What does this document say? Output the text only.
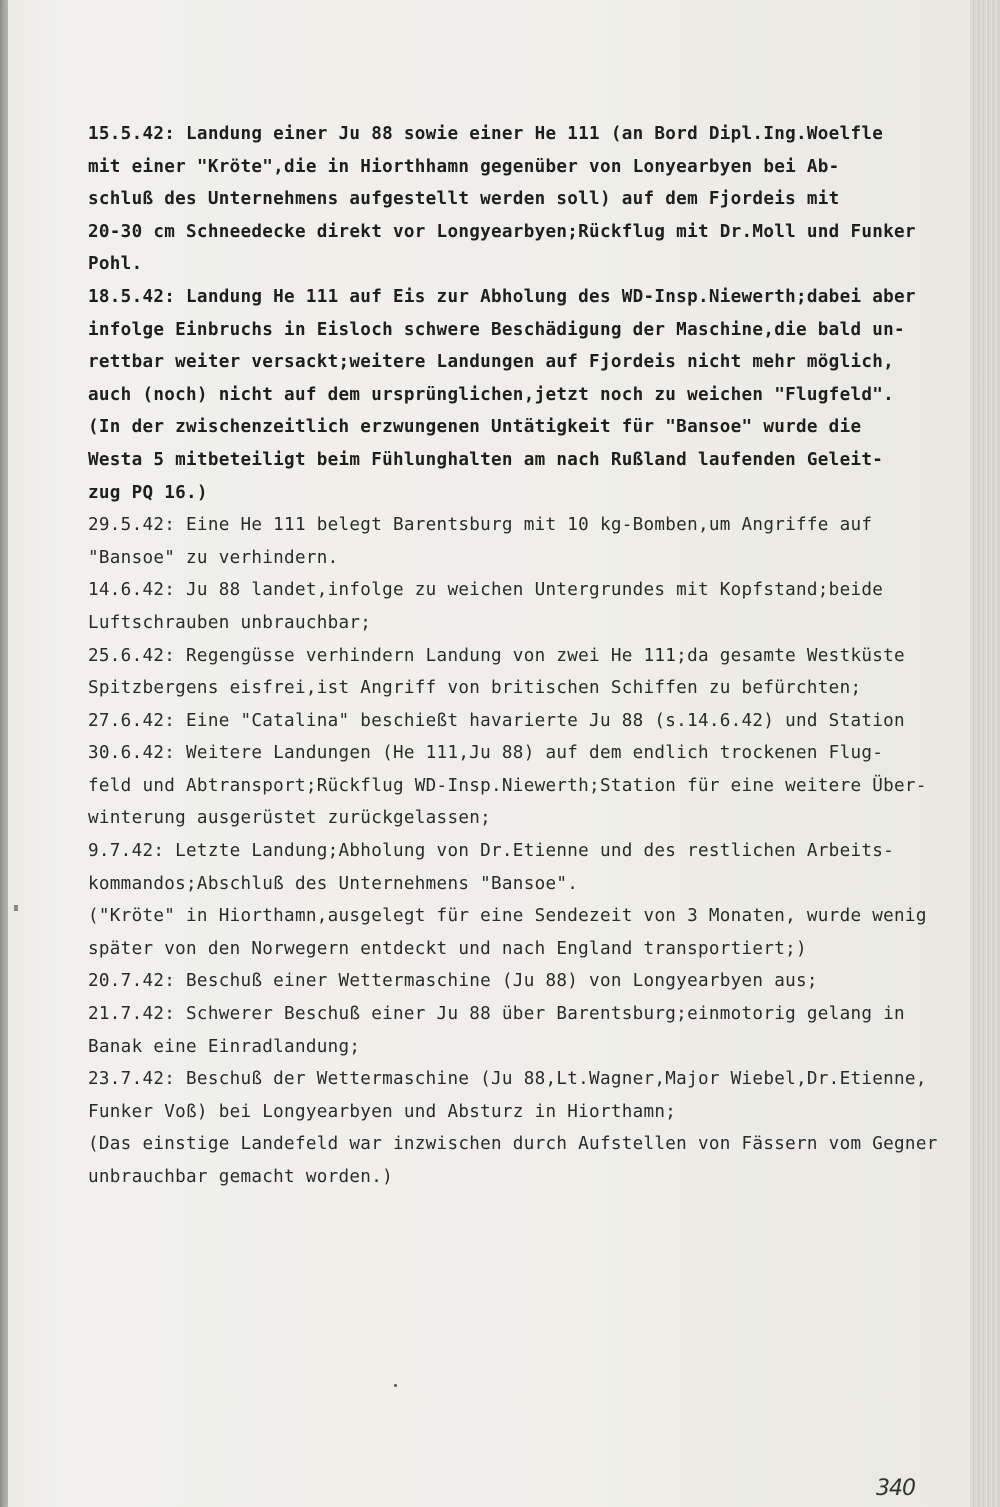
15.5.42: Landung einer Ju 88 sowie einer He 111 (an Bord Dipl.Ing.Woelfle
mit einer "Kröte",die in Hiorthhamn gegenüber von Lonyearbyen bei Ab-
schluß des Unternehmens aufgestellt werden soll) auf dem Fjordeis mit
20-30 cm Schneedecke direkt vor Longyearbyen;Rückflug mit Dr.Moll und Funker
Pohl.
18.5.42: Landung He 111 auf Eis zur Abholung des WD-Insp.Niewerth;dabei aber
infolge Einbruchs in Eisloch schwere Beschädigung der Maschine,die bald un-
rettbar weiter versackt;weitere Landungen auf Fjordeis nicht mehr möglich,
auch (noch) nicht auf dem ursprünglichen,jetzt noch zu weichen "Flugfeld".
(In der zwischenzeitlich erzwungenen Untätigkeit für "Bansoe" wurde die
Westa 5 mitbeteiligt beim Fühlunghalten am nach Rußland laufenden Geleit-
zug PQ 16.)
29.5.42: Eine He 111 belegt Barentsburg mit 10 kg-Bomben,um Angriffe auf
"Bansoe" zu verhindern.
14.6.42: Ju 88 landet,infolge zu weichen Untergrundes mit Kopfstand;beide
Luftschrauben unbrauchbar;
25.6.42: Regengüsse verhindern Landung von zwei He 111;da gesamte Westküste
Spitzbergens eisfrei,ist Angriff von britischen Schiffen zu befürchten;
27.6.42: Eine "Catalina" beschießt havarierte Ju 88 (s.14.6.42) und Station
30.6.42: Weitere Landungen (He 111,Ju 88) auf dem endlich trockenen Flug-
feld und Abtransport;Rückflug WD-Insp.Niewerth;Station für eine weitere Über-
winterung ausgerüstet zurückgelassen;
9.7.42: Letzte Landung;Abholung von Dr.Etienne und des restlichen Arbeits-
kommandos;Abschluß des Unternehmens "Bansoe".
("Kröte" in Hiorthamn,ausgelegt für eine Sendezeit von 3 Monaten, wurde wenig
später von den Norwegern entdeckt und nach England transportiert;)
20.7.42: Beschuß einer Wettermaschine (Ju 88) von Longyearbyen aus;
21.7.42: Schwerer Beschuß einer Ju 88 über Barentsburg;einmotorig gelang in
Banak eine Einradlandung;
23.7.42: Beschuß der Wettermaschine (Ju 88,Lt.Wagner,Major Wiebel,Dr.Etienne,
Funker Voß) bei Longyearbyen und Absturz in Hiorthamn;
(Das einstige Landefeld war inzwischen durch Aufstellen von Fässern vom Gegner
unbrauchbar gemacht worden.)
340
